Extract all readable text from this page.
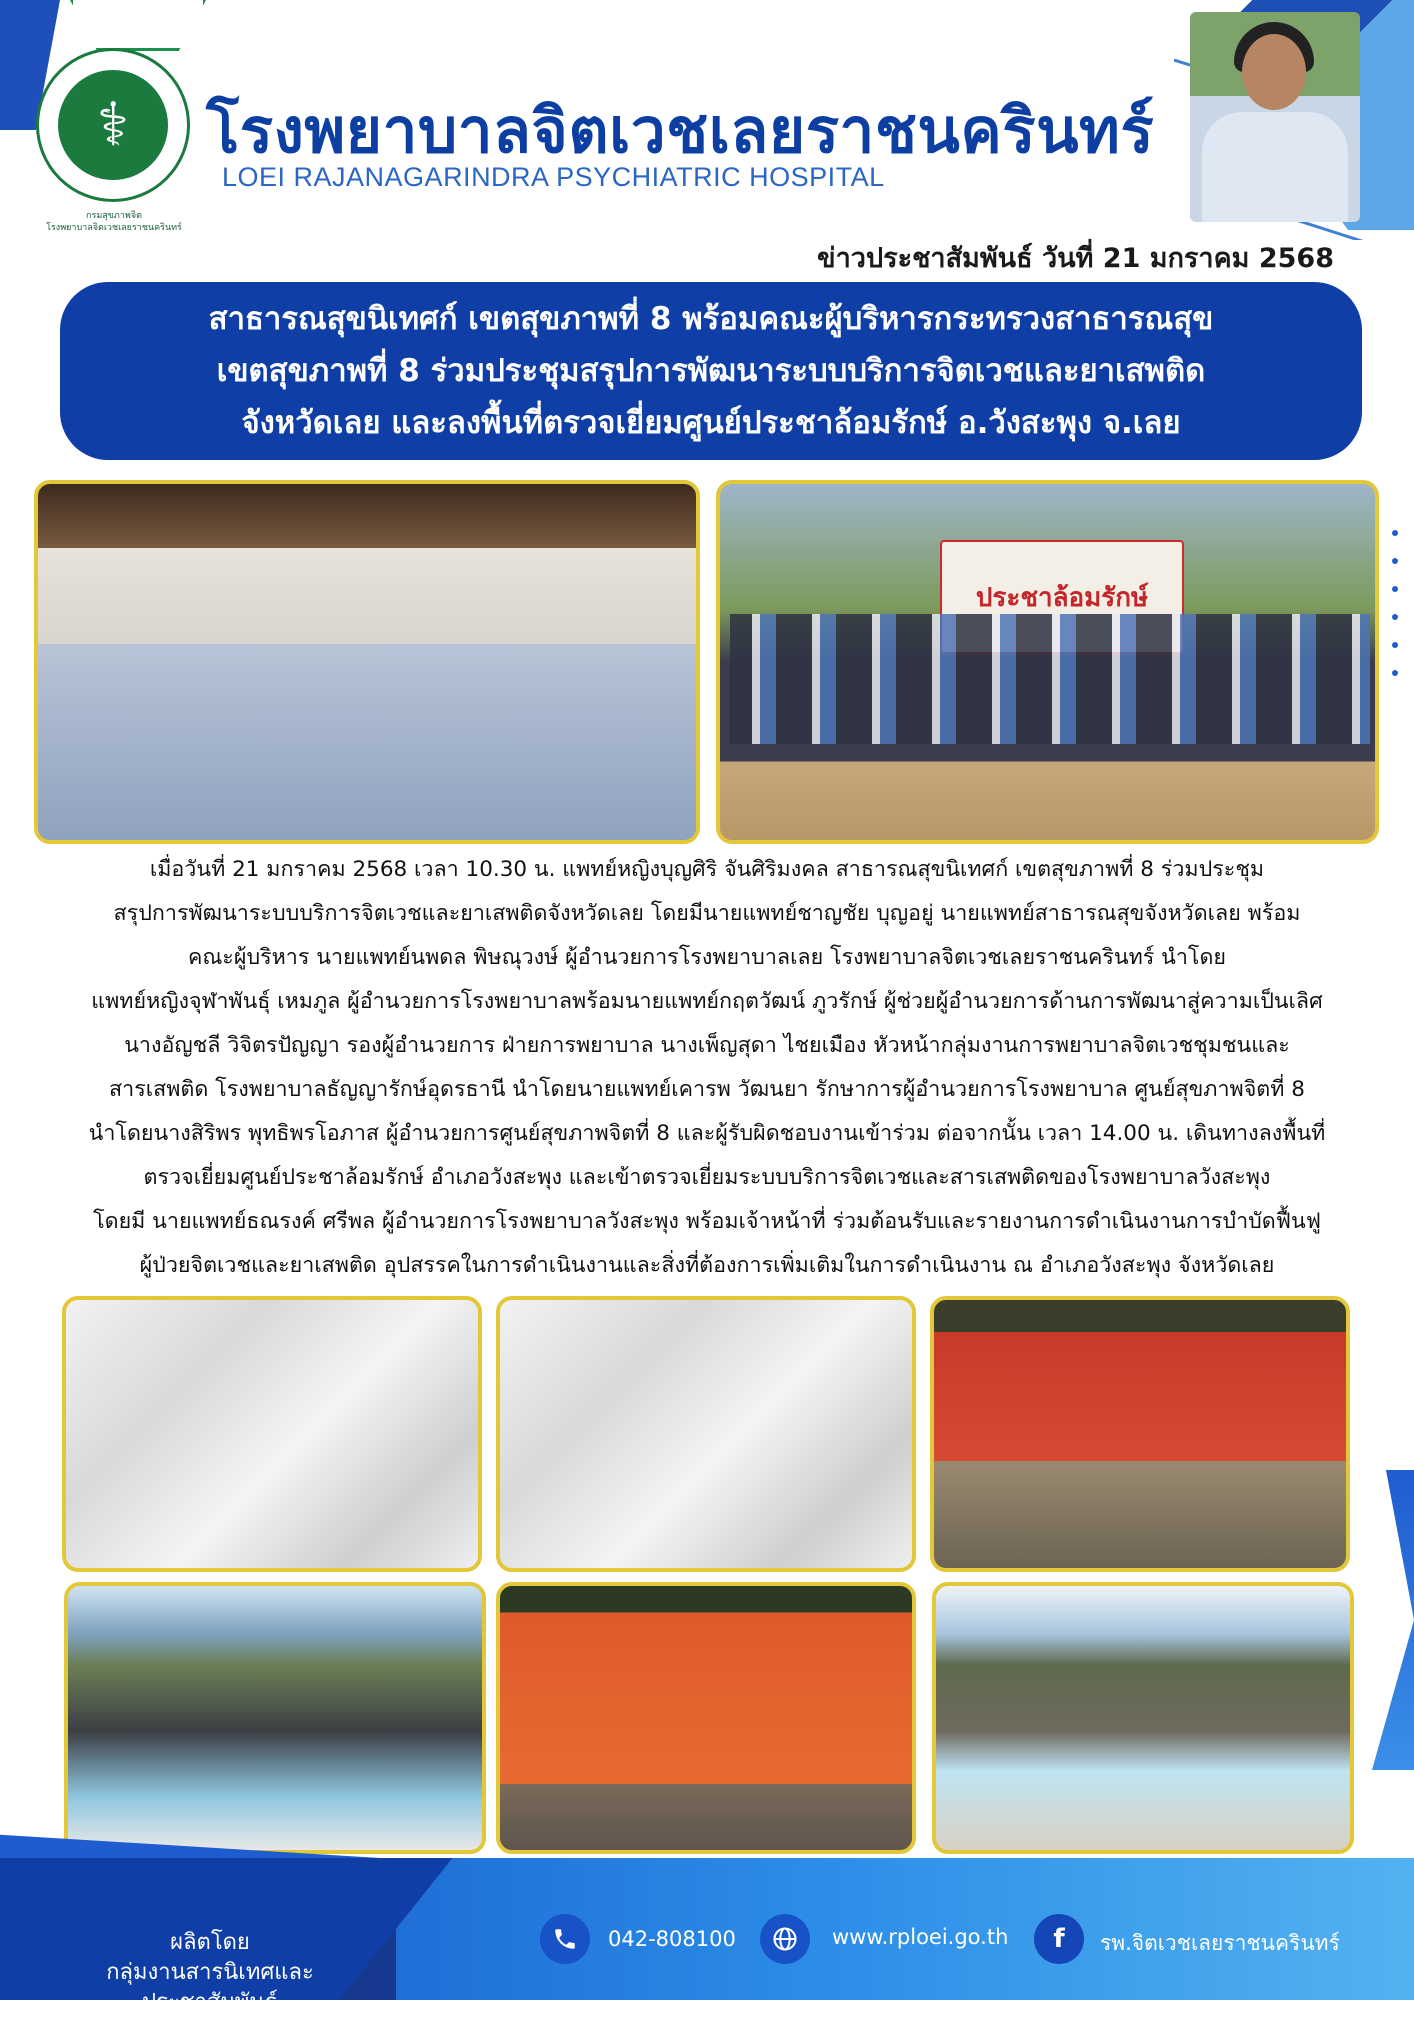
⚕
กรมสุขภาพจิต
โรงพยาบาลจิตเวชเลยราชนครินทร์
โรงพยาบาลจิตเวชเลยราชนครินทร์
LOEI RAJANAGARINDRA PSYCHIATRIC HOSPITAL
ข่าวประชาสัมพันธ์ วันที่ 21 มกราคม 2568
สาธารณสุขนิเทศก์ เขตสุขภาพที่ 8 พร้อมคณะผู้บริหารกระทรวงสาธารณสุข
เขตสุขภาพที่ 8 ร่วมประชุมสรุปการพัฒนาระบบบริการจิตเวชและยาเสพติด
จังหวัดเลย และลงพื้นที่ตรวจเยี่ยมศูนย์ประชาล้อมรักษ์ อ.วังสะพุง จ.เลย
ประชาล้อมรักษ์
เมื่อวันที่ 21 มกราคม 2568 เวลา 10.30 น. แพทย์หญิงบุญศิริ จันศิริมงคล สาธารณสุขนิเทศก์ เขตสุขภาพที่ 8 ร่วมประชุม
สรุปการพัฒนาระบบบริการจิตเวชและยาเสพติดจังหวัดเลย โดยมีนายแพทย์ชาญชัย บุญอยู่ นายแพทย์สาธารณสุขจังหวัดเลย พร้อม
คณะผู้บริหาร นายแพทย์นพดล พิษณุวงษ์ ผู้อำนวยการโรงพยาบาลเลย โรงพยาบาลจิตเวชเลยราชนครินทร์ นำโดย
แพทย์หญิงจุฬาพันธุ์ เหมภูล ผู้อำนวยการโรงพยาบาลพร้อมนายแพทย์กฤตวัฒน์ ภูวรักษ์ ผู้ช่วยผู้อำนวยการด้านการพัฒนาสู่ความเป็นเลิศ
นางอัญชลี วิจิตรปัญญา รองผู้อำนวยการ ฝ่ายการพยาบาล นางเพ็ญสุดา ไชยเมือง หัวหน้ากลุ่มงานการพยาบาลจิตเวชชุมชนและ
สารเสพติด โรงพยาบาลธัญญารักษ์อุดรธานี นำโดยนายแพทย์เคารพ วัฒนยา รักษาการผู้อำนวยการโรงพยาบาล ศูนย์สุขภาพจิตที่ 8
นำโดยนางสิริพร พุทธิพรโอภาส ผู้อำนวยการศูนย์สุขภาพจิตที่ 8 และผู้รับผิดชอบงานเข้าร่วม ต่อจากนั้น เวลา 14.00 น. เดินทางลงพื้นที่
ตรวจเยี่ยมศูนย์ประชาล้อมรักษ์ อำเภอวังสะพุง และเข้าตรวจเยี่ยมระบบบริการจิตเวชและสารเสพติดของโรงพยาบาลวังสะพุง
โดยมี นายแพทย์ธณรงค์ ศรีพล ผู้อำนวยการโรงพยาบาลวังสะพุง พร้อมเจ้าหน้าที่ ร่วมต้อนรับและรายงานการดำเนินงานการบำบัดฟื้นฟู
ผู้ป่วยจิตเวชและยาเสพติด อุปสรรคในการดำเนินงานและสิ่งที่ต้องการเพิ่มเติมในการดำเนินงาน ณ อำเภอวังสะพุง จังหวัดเลย
ผลิตโดย
กลุ่มงานสารนิเทศและประชาสัมพันธ์
042-808100	www.rploei.go.th	f	รพ.จิตเวชเลยราชนครินทร์
